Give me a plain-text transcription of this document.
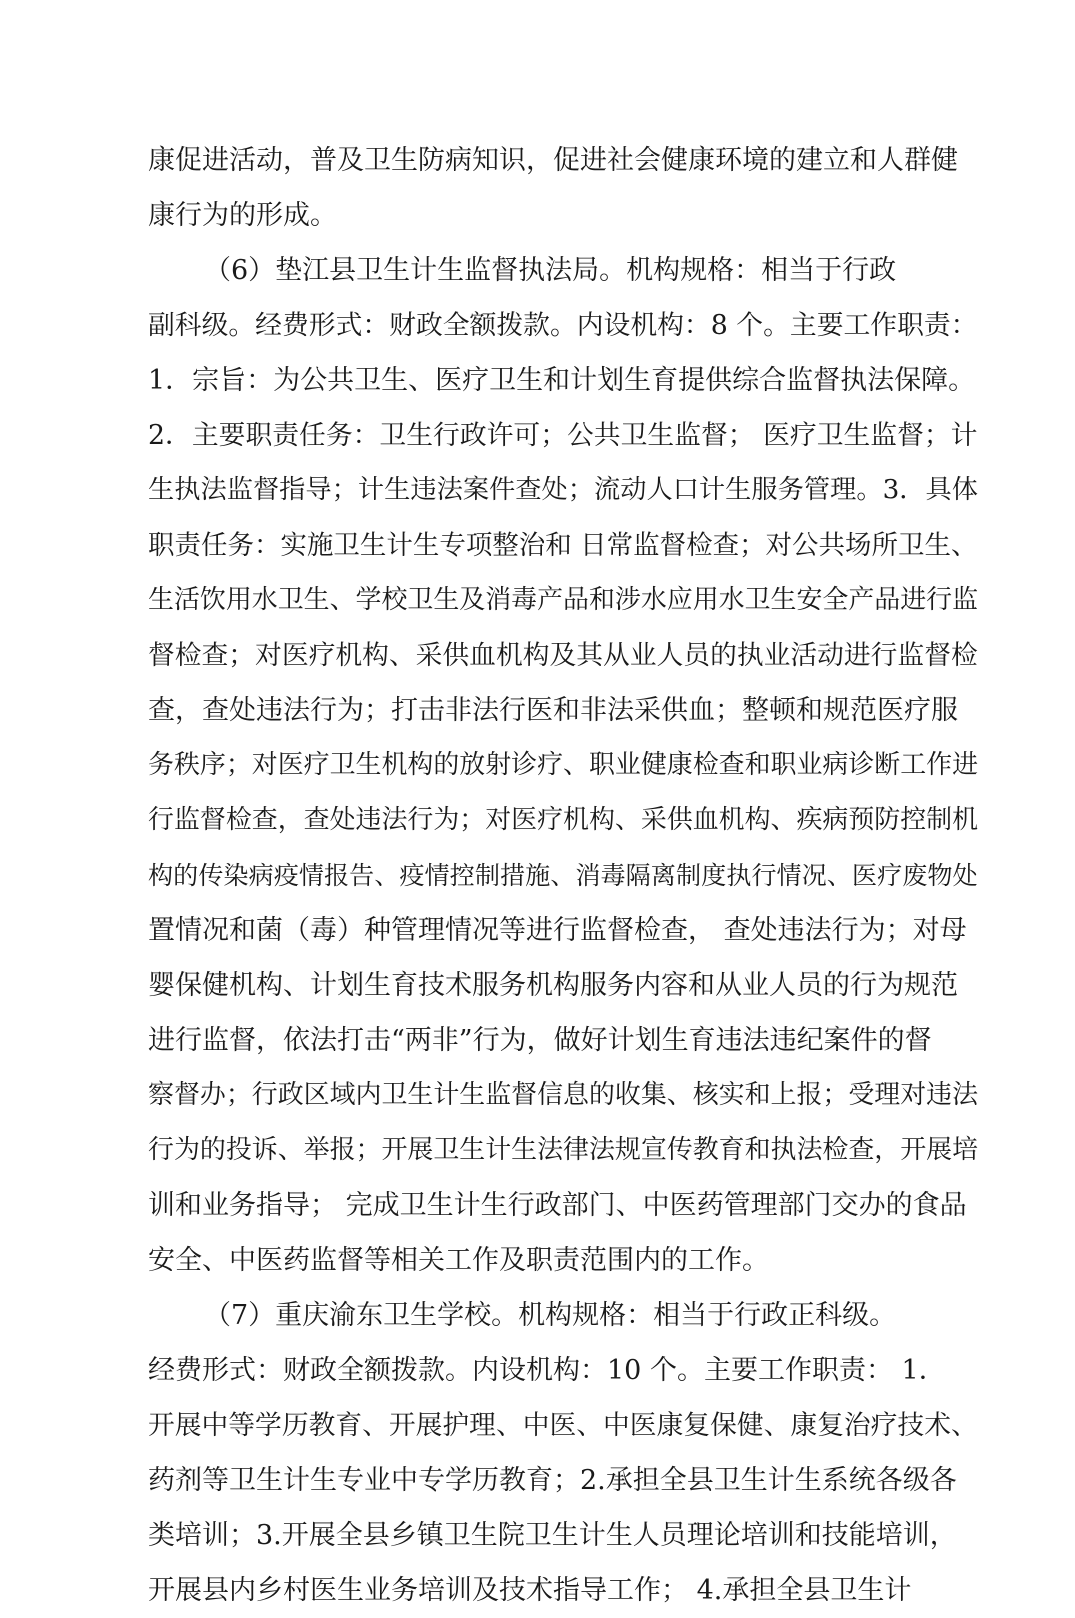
康促进活动，普及卫生防病知识，促进社会健康环境的建立和人群健
康行为的形成。
（6）垫江县卫生计生监督执法局。机构规格：相当于行政
副科级。经费形式：财政全额拨款。内设机构：8 个。主要工作职责：
1．宗旨：为公共卫生、医疗卫生和计划生育提供综合监督执法保障。
2．主要职责任务：卫生行政许可；公共卫生监督； 医疗卫生监督；计
生执法监督指导；计生违法案件查处；流动人口计生服务管理。3．具体
职责任务：实施卫生计生专项整治和 日常监督检查；对公共场所卫生、
生活饮用水卫生、学校卫生及消毒产品和涉水应用水卫生安全产品进行监
督检查；对医疗机构、采供血机构及其从业人员的执业活动进行监督检
查，查处违法行为；打击非法行医和非法采供血；整顿和规范医疗服
务秩序；对医疗卫生机构的放射诊疗、职业健康检查和职业病诊断工作进
行监督检查，查处违法行为；对医疗机构、采供血机构、疾病预防控制机
构的传染病疫情报告、疫情控制措施、消毒隔离制度执行情况、医疗废物处
置情况和菌（毒）种管理情况等进行监督检查， 查处违法行为；对母
婴保健机构、计划生育技术服务机构服务内容和从业人员的行为规范
进行监督，依法打击“两非”行为，做好计划生育违法违纪案件的督
察督办；行政区域内卫生计生监督信息的收集、核实和上报；受理对违法
行为的投诉、举报；开展卫生计生法律法规宣传教育和执法检查，开展培
训和业务指导； 完成卫生计生行政部门、中医药管理部门交办的食品
安全、中医药监督等相关工作及职责范围内的工作。
（7）重庆渝东卫生学校。机构规格：相当于行政正科级。
经费形式：财政全额拨款。内设机构：10 个。主要工作职责： 1．
开展中等学历教育、开展护理、中医、中医康复保健、康复治疗技术、
药剂等卫生计生专业中专学历教育；2.承担全县卫生计生系统各级各
类培训；3.开展全县乡镇卫生院卫生计生人员理论培训和技能培训，
开展县内乡村医生业务培训及技术指导工作； 4.承担全县卫生计
